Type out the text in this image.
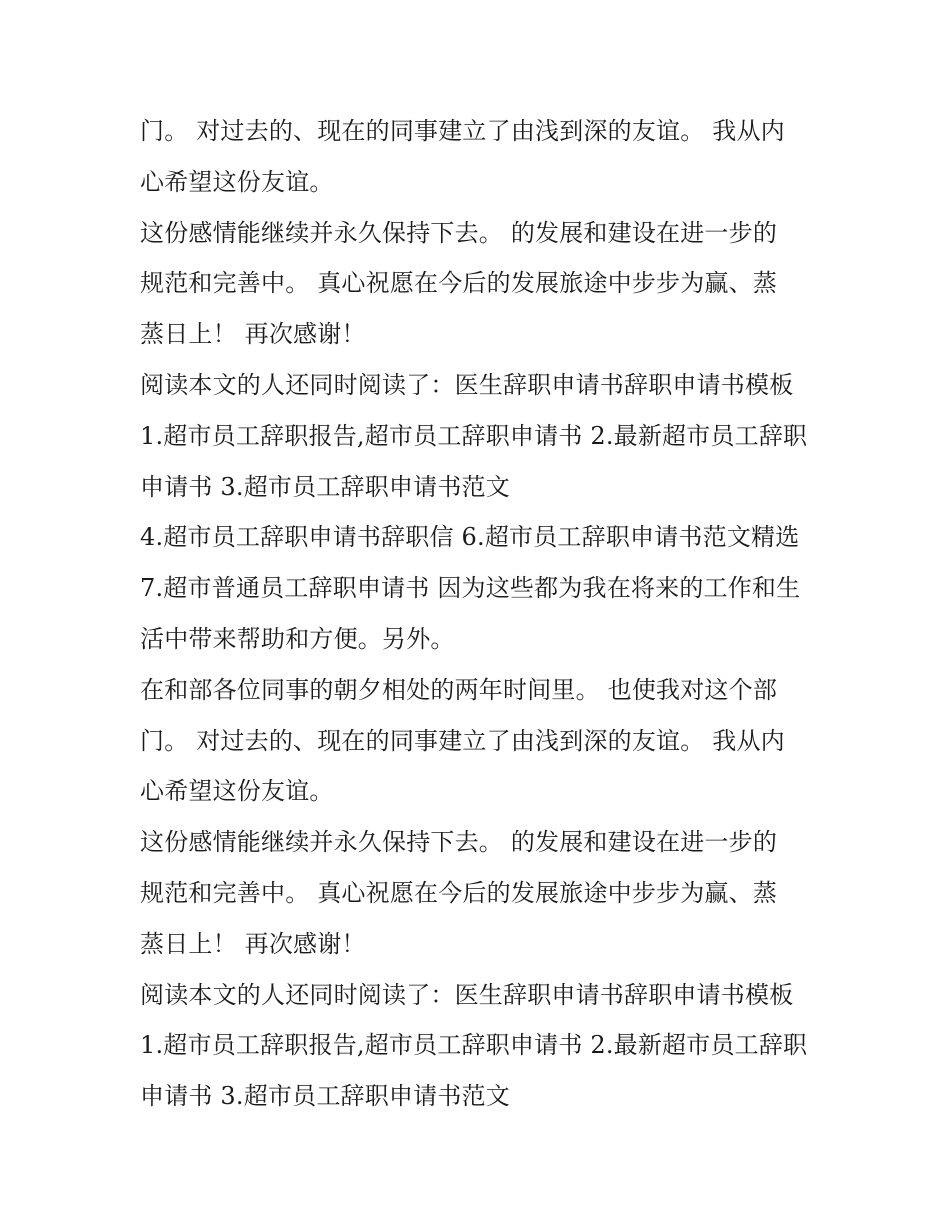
门。 对过去的、现在的同事建立了由浅到深的友谊。 我从内
心希望这份友谊。
这份感情能继续并永久保持下去。 的发展和建设在进一步的
规范和完善中。 真心祝愿在今后的发展旅途中步步为赢、蒸
蒸日上！ 再次感谢！
阅读本文的人还同时阅读了：医生辞职申请书辞职申请书模板
1.超市员工辞职报告,超市员工辞职申请书 2.最新超市员工辞职
申请书 3.超市员工辞职申请书范文
4.超市员工辞职申请书辞职信 6.超市员工辞职申请书范文精选
7.超市普通员工辞职申请书 因为这些都为我在将来的工作和生
活中带来帮助和方便。另外。
在和部各位同事的朝夕相处的两年时间里。 也使我对这个部
门。 对过去的、现在的同事建立了由浅到深的友谊。 我从内
心希望这份友谊。
这份感情能继续并永久保持下去。 的发展和建设在进一步的
规范和完善中。 真心祝愿在今后的发展旅途中步步为赢、蒸
蒸日上！ 再次感谢！
阅读本文的人还同时阅读了：医生辞职申请书辞职申请书模板
1.超市员工辞职报告,超市员工辞职申请书 2.最新超市员工辞职
申请书 3.超市员工辞职申请书范文
